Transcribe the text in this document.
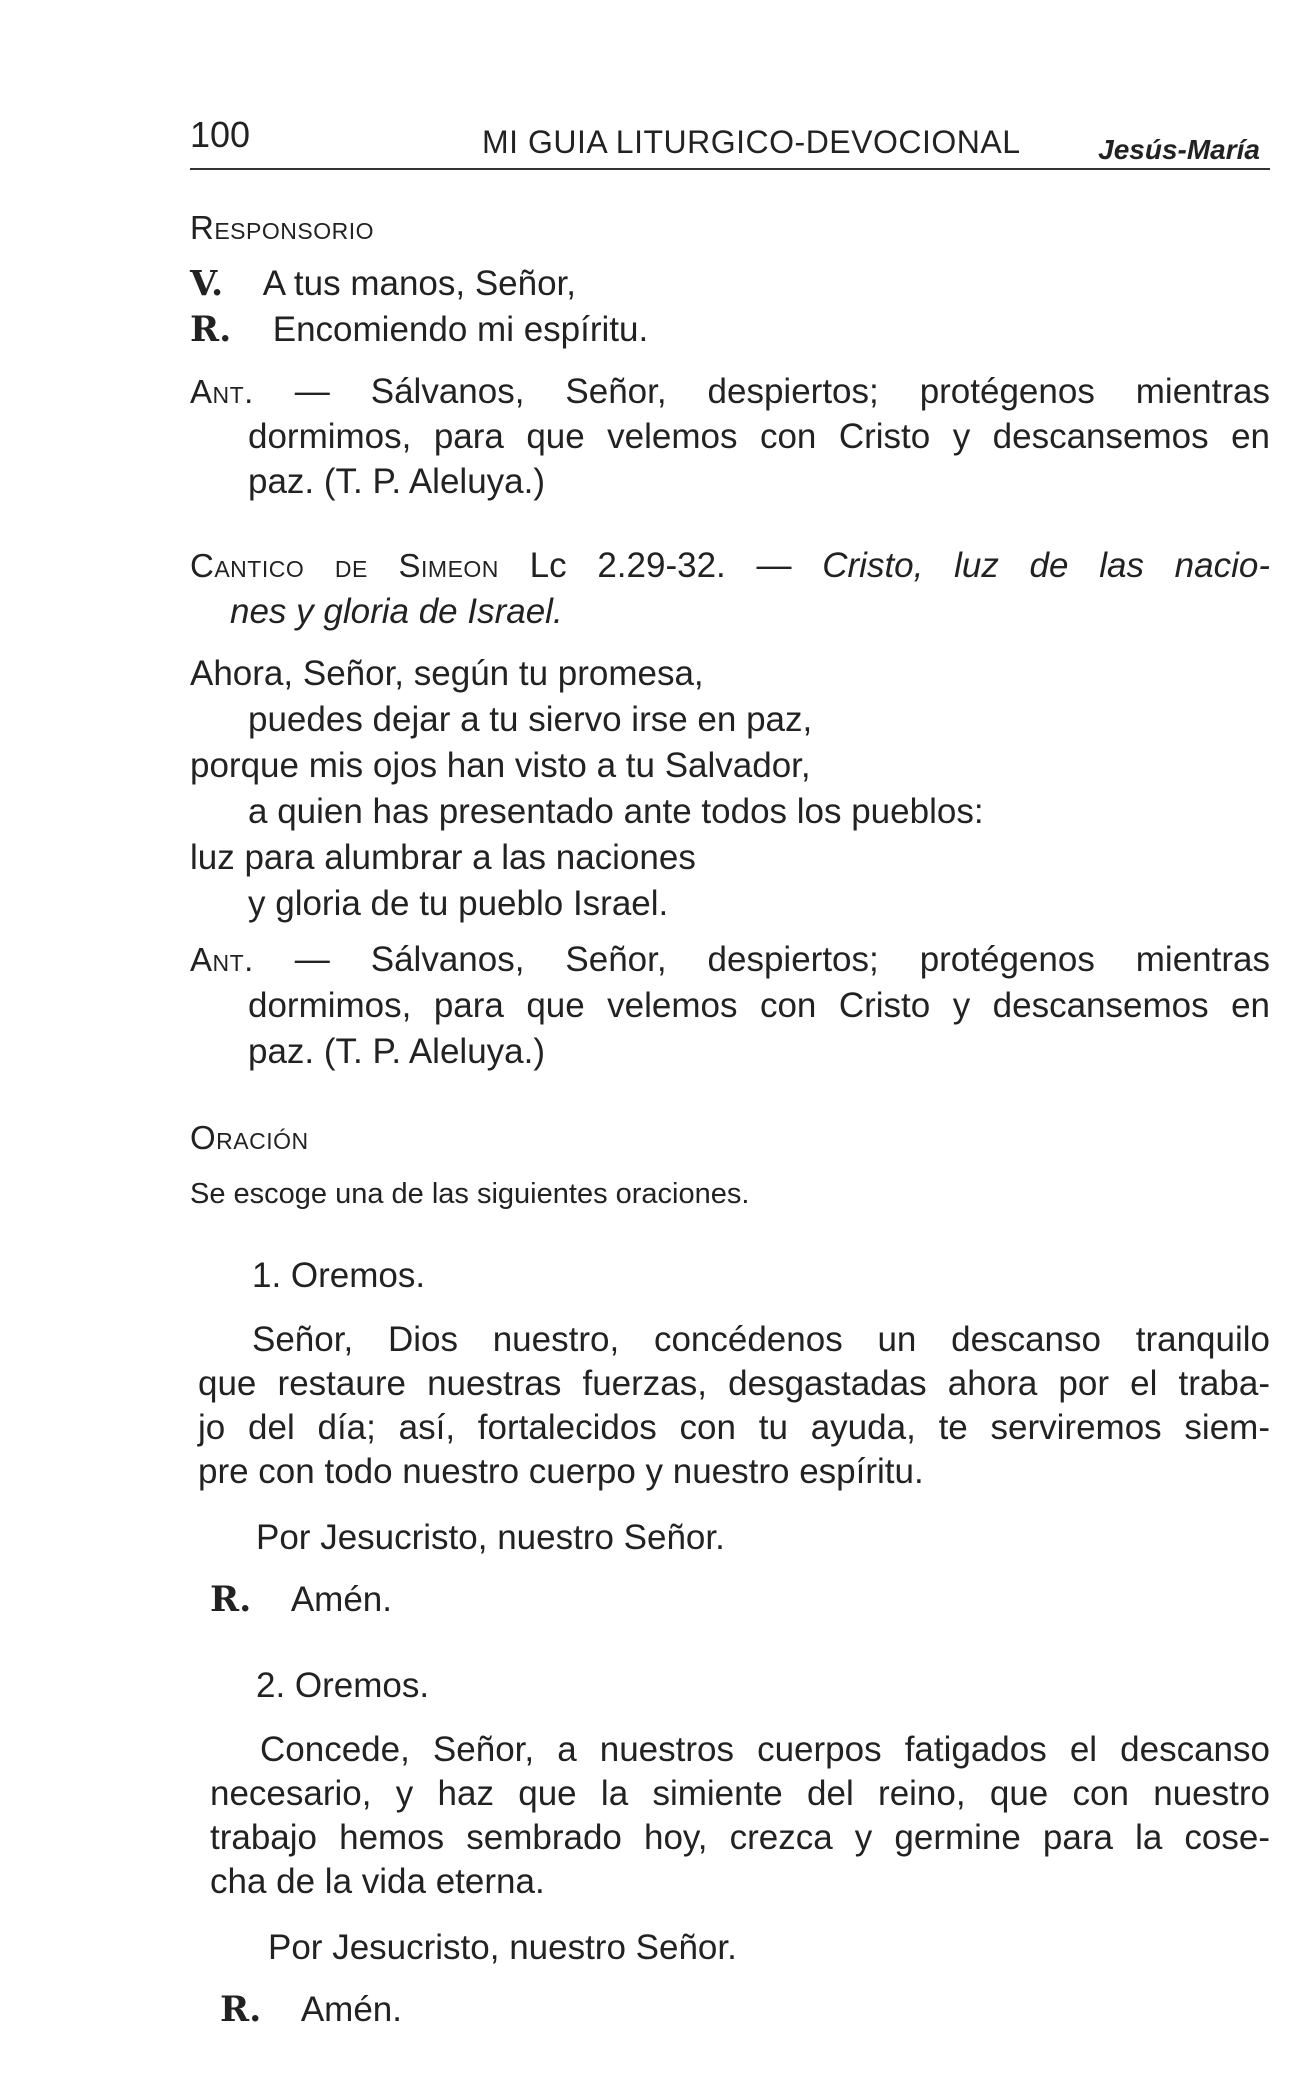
100	MI GUIA LITURGICO-DEVOCIONAL	Jesús-María
Responsorio
V. A tus manos, Señor,
R. Encomiendo mi espíritu.
Ant. — Sálvanos, Señor, despiertos; protégenos mientras
dormimos, para que velemos con Cristo y descansemos en
paz. (T. P. Aleluya.)
Cantico de Simeon Lc 2.29-32. — Cristo, luz de las nacio-
nes y gloria de Israel.
Ahora, Señor, según tu promesa,
puedes dejar a tu siervo irse en paz,
porque mis ojos han visto a tu Salvador,
a quien has presentado ante todos los pueblos:
luz para alumbrar a las naciones
y gloria de tu pueblo Israel.
Ant. — Sálvanos, Señor, despiertos; protégenos mientras
dormimos, para que velemos con Cristo y descansemos en
paz. (T. P. Aleluya.)
Oración
Se escoge una de las siguientes oraciones.
1. Oremos.
Señor, Dios nuestro, concédenos un descanso tranquilo
que restaure nuestras fuerzas, desgastadas ahora por el traba-
jo del día; así, fortalecidos con tu ayuda, te serviremos siem-
pre con todo nuestro cuerpo y nuestro espíritu.
Por Jesucristo, nuestro Señor.
R. Amén.
2. Oremos.
Concede, Señor, a nuestros cuerpos fatigados el descanso
necesario, y haz que la simiente del reino, que con nuestro
trabajo hemos sembrado hoy, crezca y germine para la cose-
cha de la vida eterna.
Por Jesucristo, nuestro Señor.
R. Amén.
